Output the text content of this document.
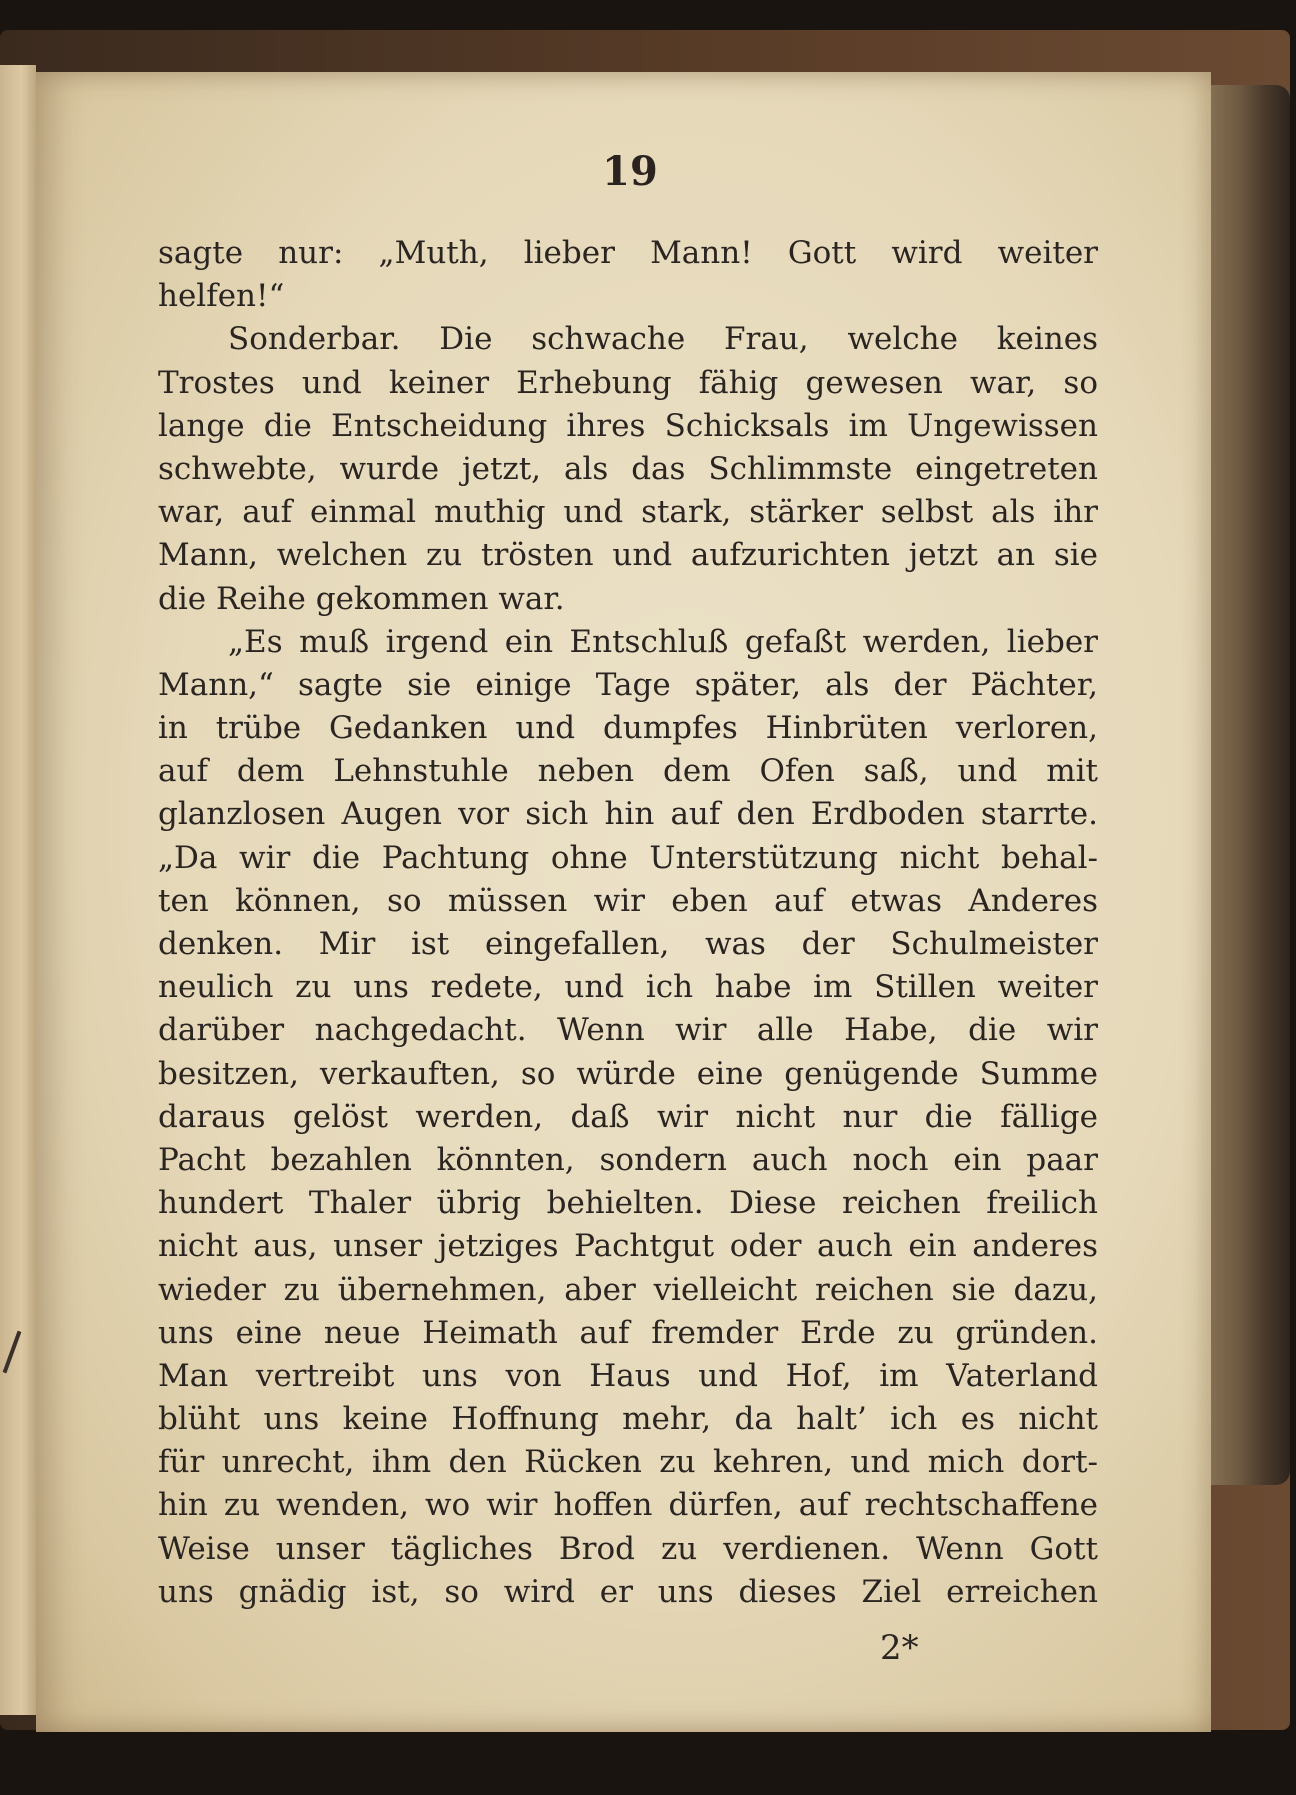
19
sagte nur: „Muth, lieber Mann! Gott wird weiter
helfen!“
Sonderbar. Die schwache Frau, welche keines
Trostes und keiner Erhebung fähig gewesen war, so
lange die Entscheidung ihres Schicksals im Ungewissen
schwebte, wurde jetzt, als das Schlimmste eingetreten
war, auf einmal muthig und stark, stärker selbst als ihr
Mann, welchen zu trösten und aufzurichten jetzt an sie
die Reihe gekommen war.
„Es muß irgend ein Entschluß gefaßt werden, lieber
Mann,“ sagte sie einige Tage später, als der Pächter,
in trübe Gedanken und dumpfes Hinbrüten verloren,
auf dem Lehnstuhle neben dem Ofen saß, und mit
glanzlosen Augen vor sich hin auf den Erdboden starrte.
„Da wir die Pachtung ohne Unterstützung nicht behal-
ten können, so müssen wir eben auf etwas Anderes
denken. Mir ist eingefallen, was der Schulmeister
neulich zu uns redete, und ich habe im Stillen weiter
darüber nachgedacht. Wenn wir alle Habe, die wir
besitzen, verkauften, so würde eine genügende Summe
daraus gelöst werden, daß wir nicht nur die fällige
Pacht bezahlen könnten, sondern auch noch ein paar
hundert Thaler übrig behielten. Diese reichen freilich
nicht aus, unser jetziges Pachtgut oder auch ein anderes
wieder zu übernehmen, aber vielleicht reichen sie dazu,
uns eine neue Heimath auf fremder Erde zu gründen.
Man vertreibt uns von Haus und Hof, im Vaterland
blüht uns keine Hoffnung mehr, da halt’ ich es nicht
für unrecht, ihm den Rücken zu kehren, und mich dort-
hin zu wenden, wo wir hoffen dürfen, auf rechtschaffene
Weise unser tägliches Brod zu verdienen. Wenn Gott
uns gnädig ist, so wird er uns dieses Ziel erreichen
2*
